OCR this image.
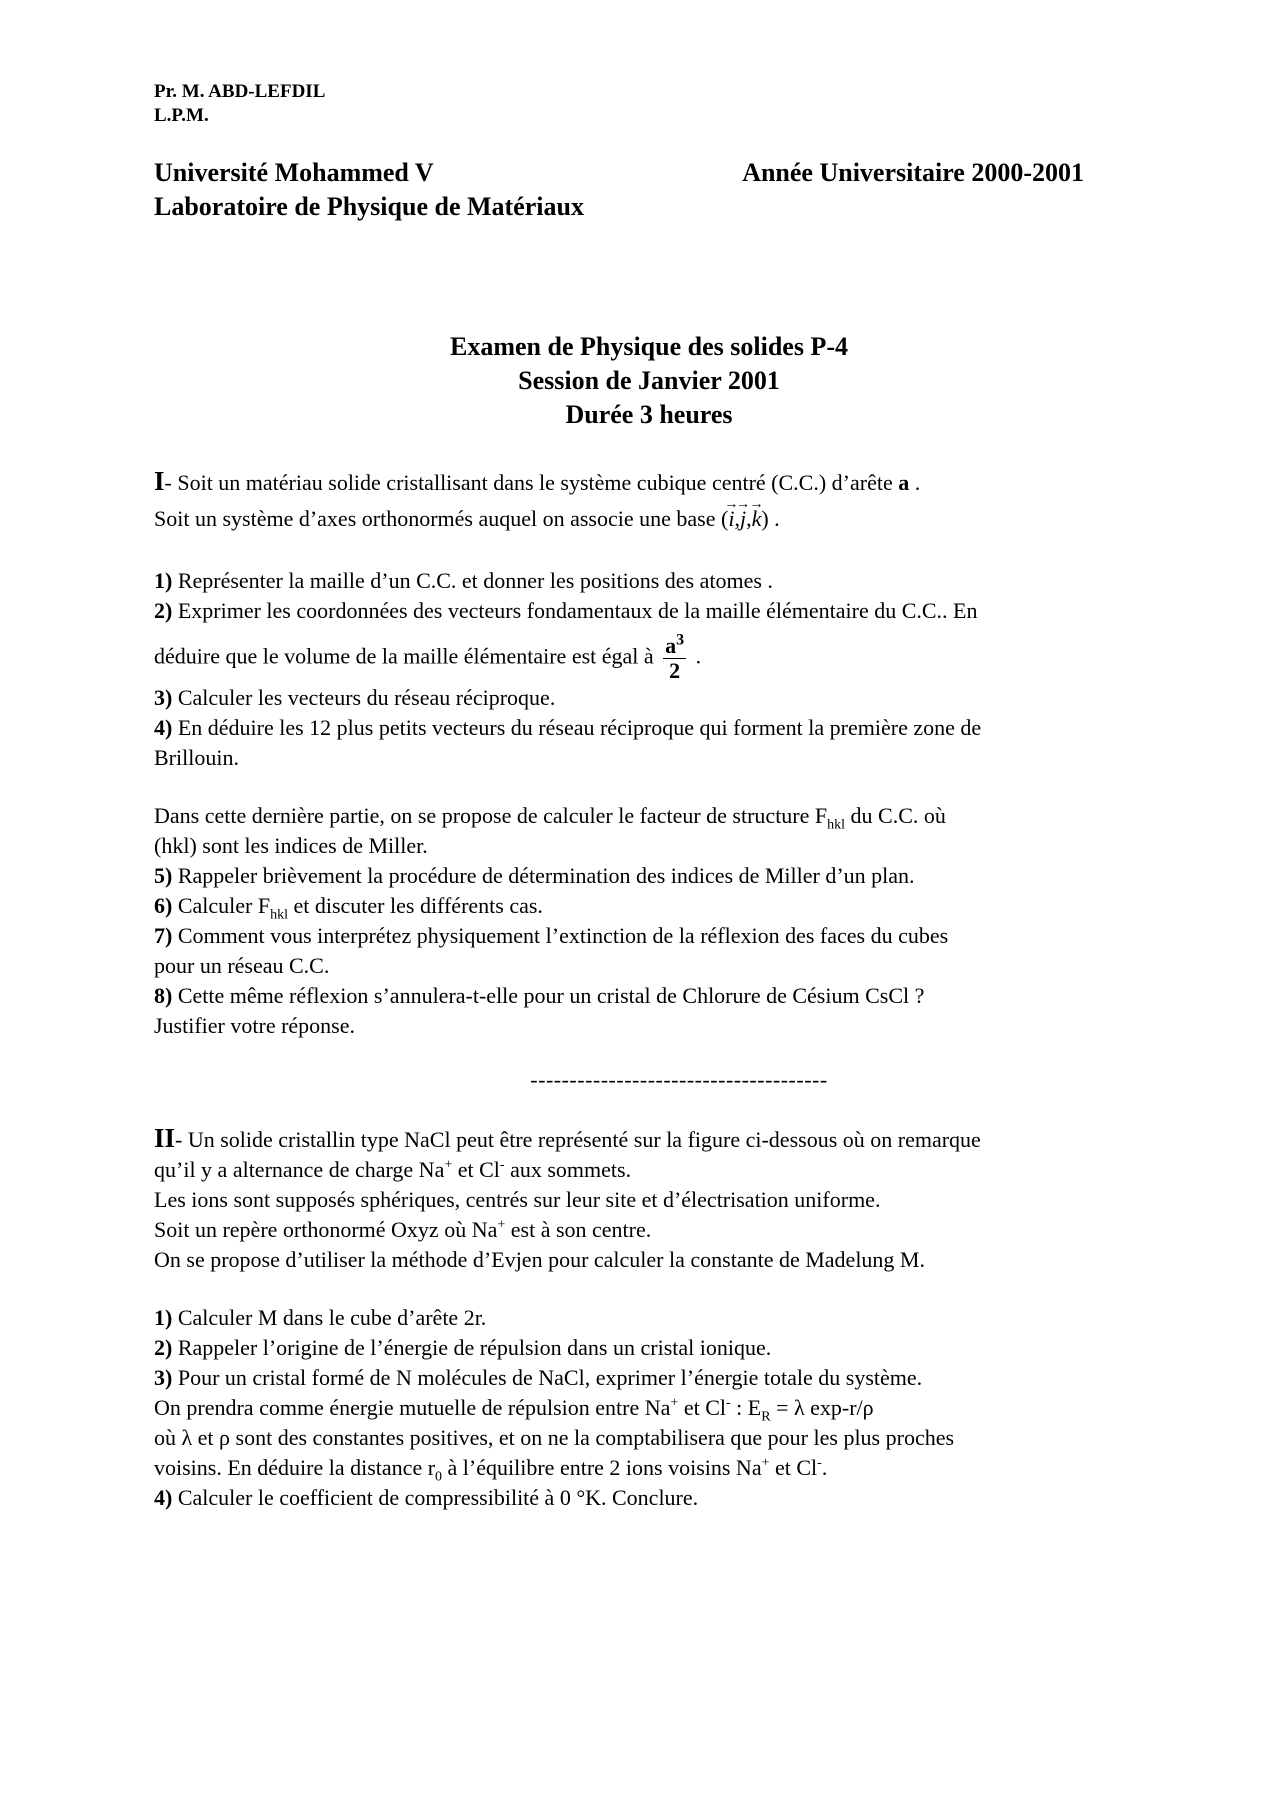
Pr. M. ABD-LEFDIL
L.P.M.
Université Mohammed V	Année Universitaire 2000-2001
Laboratoire de Physique de Matériaux
Examen de Physique des solides P-4
Session de Janvier 2001
Durée 3 heures
I- Soit un matériau solide cristallisant dans le système cubique centré (C.C.) d’arête a .
Soit un système d’axes orthonormés auquel on associe une base (→ i,→ j,→ k) .
1) Représenter la maille d’un C.C. et donner les positions des atomes .
2) Exprimer les coordonnées des vecteurs fondamentaux de la maille élémentaire du C.C.. En
déduire que le volume de la maille élémentaire est égal à $\frac{a^3}{2}$ .
3) Calculer les vecteurs du réseau réciproque.
4) En déduire les 12 plus petits vecteurs du réseau réciproque qui forment la première zone de
Brillouin.
Dans cette dernière partie, on se propose de calculer le facteur de structure $F_{hkl}$ du C.C. où
(hkl) sont les indices de Miller.
5) Rappeler brièvement la procédure de détermination des indices de Miller d’un plan.
6) Calculer $F_{hkl}$ et discuter les différents cas.
7) Comment vous interprétez physiquement l’extinction de la réflexion des faces du cubes
pour un réseau C.C.
8) Cette même réflexion s’annulera-t-elle pour un cristal de Chlorure de Césium CsCl ?
Justifier votre réponse.
--------------------------------------
II- Un solide cristallin type NaCl peut être représenté sur la figure ci-dessous où on remarque
qu’il y a alternance de charge Na+ et Cl- aux sommets.
Les ions sont supposés sphériques, centrés sur leur site et d’électrisation uniforme.
Soit un repère orthonormé Oxyz où Na+ est à son centre.
On se propose d’utiliser la méthode d’Evjen pour calculer la constante de Madelung M.
1) Calculer M dans le cube d’arête 2r.
2) Rappeler l’origine de l’énergie de répulsion dans un cristal ionique.
3) Pour un cristal formé de N molécules de NaCl, exprimer l’énergie totale du système.
On prendra comme énergie mutuelle de répulsion entre Na+ et Cl- : $E_R = \lambda$ exp-r/ρ
où λ et ρ sont des constantes positives, et on ne la comptabilisera que pour les plus proches
voisins. En déduire la distance $r_0$ à l’équilibre entre 2 ions voisins Na+ et Cl-.
4) Calculer le coefficient de compressibilité à 0 °K. Conclure.
